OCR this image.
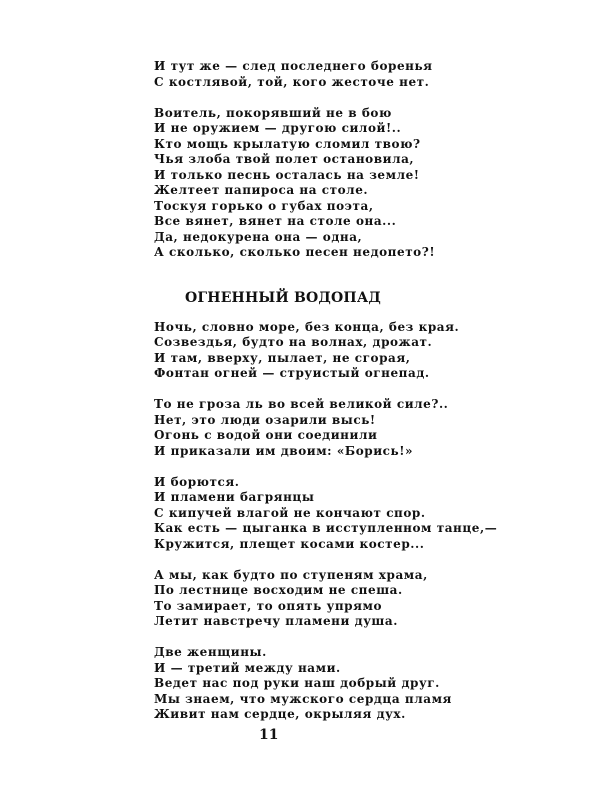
И тут же — след последнего боренья
С костлявой, той, кого жесточе нет.
Воитель, покорявший не в бою
И не оружием — другою силой!..
Кто мощь крылатую сломил твою?
Чья злоба твой полет остановила,
И только песнь осталась на земле!
Желтеет папироса на столе.
Тоскуя горько о губах поэта,
Все вянет, вянет на столе она...
Да, недокурена она — одна,
А сколько, сколько песен недопето?!
ОГНЕННЫЙ ВОДОПАД
Ночь, словно море, без конца, без края.
Созвездья, будто на волнах, дрожат.
И там, вверху, пылает, не сгорая,
Фонтан огней — струистый огнепад.
То не гроза ль во всей великой силе?..
Нет, это люди озарили высь!
Огонь с водой они соединили
И приказали им двоим: «Борись!»
И борются.
И пламени багрянцы
С кипучей влагой не кончают спор.
Как есть — цыганка в исступленном танце,—
Кружится, плещет косами костер...
А мы, как будто по ступеням храма,
По лестнице восходим не спеша.
То замирает, то опять упрямо
Летит навстречу пламени душа.
Две женщины.
И — третий между нами.
Ведет нас под руки наш добрый друг.
Мы знаем, что мужского сердца пламя
Живит нам сердце, окрыляя дух.
11
